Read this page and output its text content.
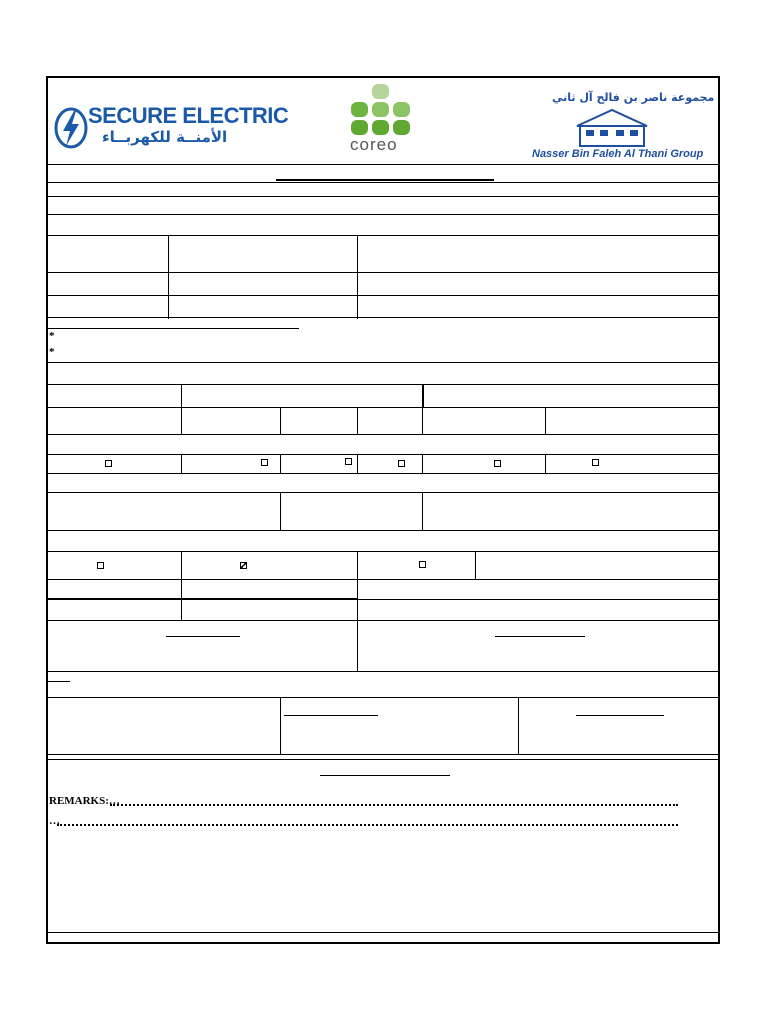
SECURE ELECTRIC
الأمنــة للكهربــاء	coreo
مجموعة ناصر بن فالح آل ثاني
Nasser Bin Faleh Al Thani Group
*
*
REMARKS:…
…
